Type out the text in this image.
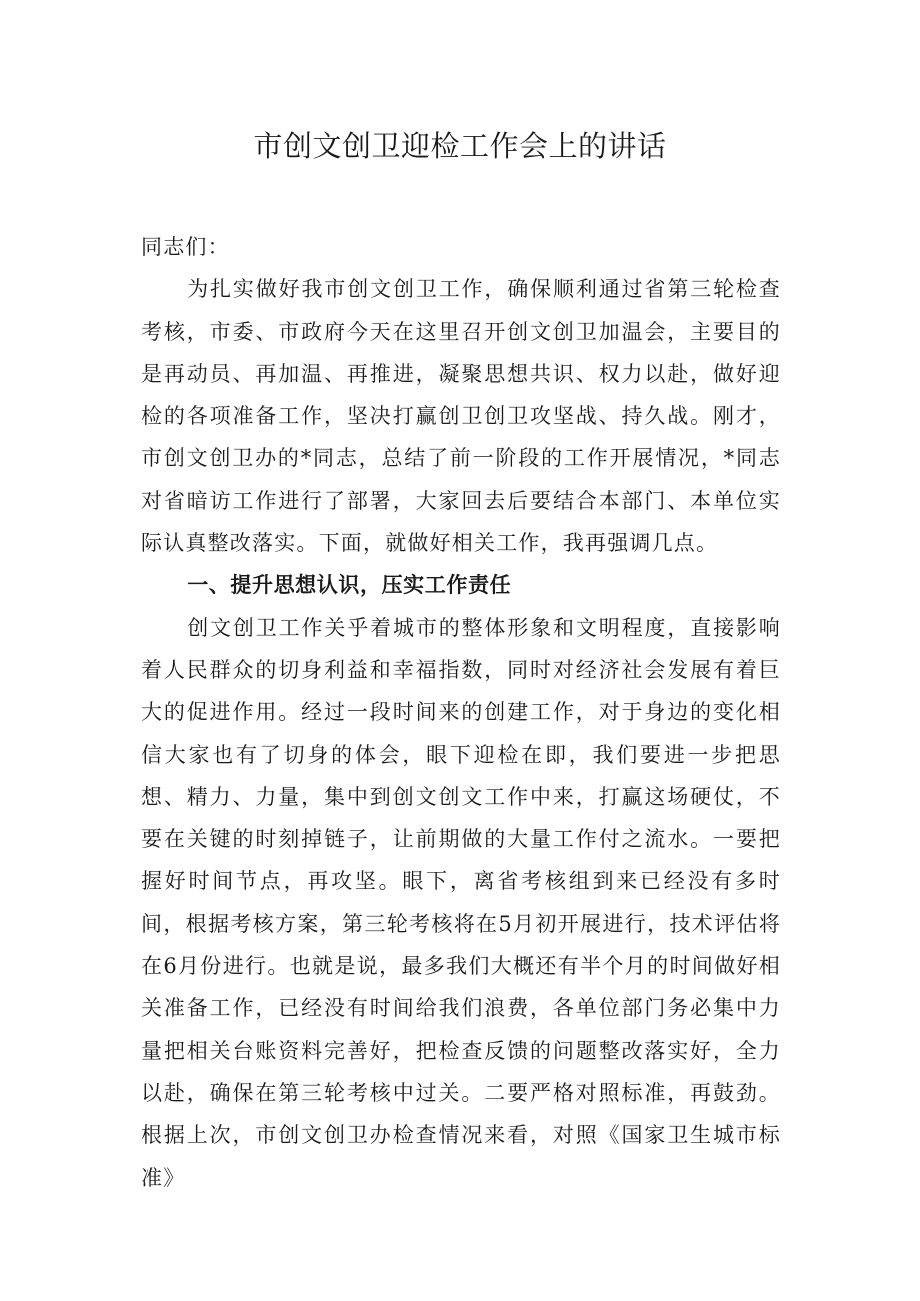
市创文创卫迎检工作会上的讲话

同志们：

为扎实做好我市创文创卫工作，确保顺利通过省第三轮检查考核，市委、市政府今天在这里召开创文创卫加温会，主要目的是再动员、再加温、再推进，凝聚思想共识、权力以赴，做好迎检的各项准备工作，坚决打赢创卫创卫攻坚战、持久战。刚才，市创文创卫办的*同志，总结了前一阶段的工作开展情况，*同志对省暗访工作进行了部署，大家回去后要结合本部门、本单位实际认真整改落实。下面，就做好相关工作，我再强调几点。

一、提升思想认识，压实工作责任

创文创卫工作关乎着城市的整体形象和文明程度，直接影响着人民群众的切身利益和幸福指数，同时对经济社会发展有着巨大的促进作用。经过一段时间来的创建工作，对于身边的变化相信大家也有了切身的体会，眼下迎检在即，我们要进一步把思想、精力、力量，集中到创文创文工作中来，打赢这场硬仗，不要在关键的时刻掉链子，让前期做的大量工作付之流水。一要把握好时间节点，再攻坚。眼下，离省考核组到来已经没有多时间，根据考核方案，第三轮考核将在5月初开展进行，技术评估将在6月份进行。也就是说，最多我们大概还有半个月的时间做好相关准备工作，已经没有时间给我们浪费，各单位部门务必集中力量把相关台账资料完善好，把检查反馈的问题整改落实好，全力以赴，确保在第三轮考核中过关。二要严格对照标准，再鼓劲。根据上次，市创文创卫办检查情况来看，对照《国家卫生城市标准》
